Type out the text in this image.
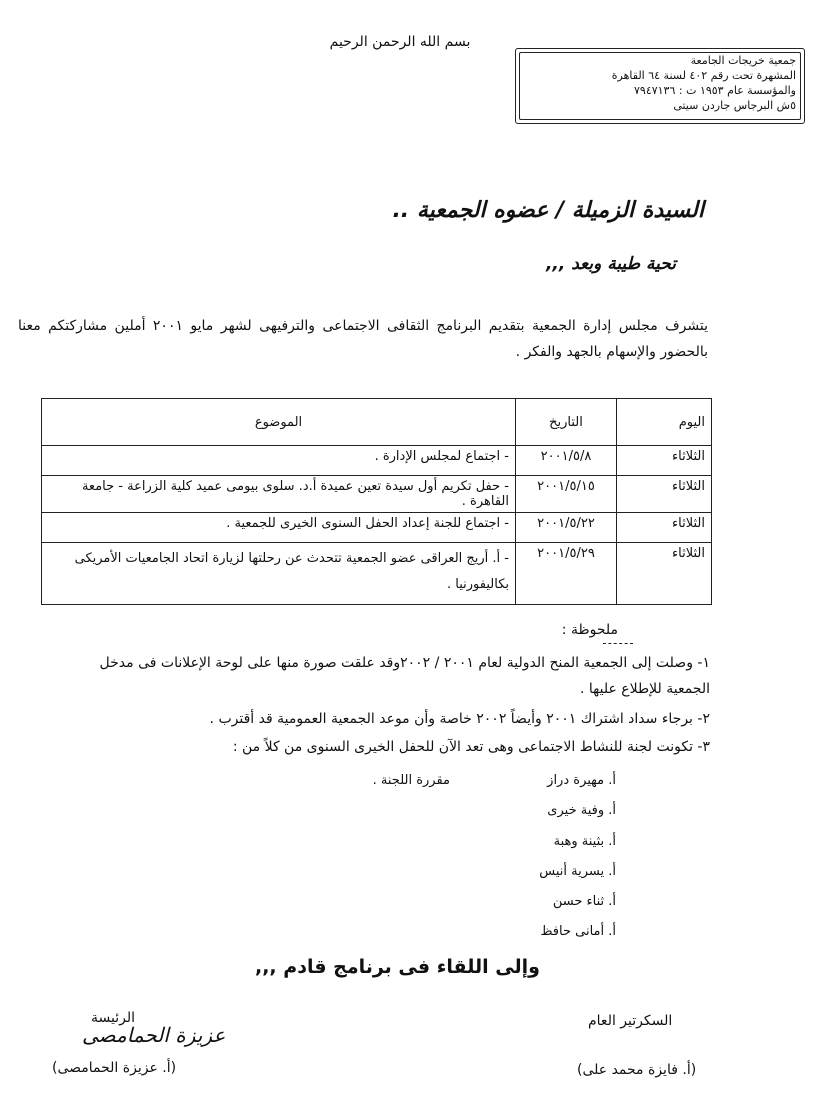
بسم الله الرحمن الرحيم
جمعية خريجات الجامعة
المشهرة تحت رقم ٤٠٢ لسنة ٦٤ القاهرة
والمؤسسة عام ١٩٥٣ ت : ٧٩٤٧١٣٦
٥ش البرجاس جاردن سيتى
السيدة الزميلة / عضوه الجمعية ..
تحية طيبة وبعد ,,,
يتشرف مجلس إدارة الجمعية بتقديم البرنامج الثقافى الاجتماعى والترفيهى لشهر مايو ٢٠٠١ أملين مشاركتكم معنا بالحضور والإسهام بالجهد والفكر .
اليوم	التاريخ	الموضوع
الثلاثاء	٢٠٠١/٥/٨	- اجتماع لمجلس الإدارة .
الثلاثاء	٢٠٠١/٥/١٥	- حفل تكريم أول سيدة تعين عميدة أ.د. سلوى بيومى عميد كلية الزراعة - جامعة القاهرة .
الثلاثاء	٢٠٠١/٥/٢٢	- اجتماع للجنة إعداد الحفل السنوى الخيرى للجمعية .
الثلاثاء	٢٠٠١/٥/٢٩	- أ. أريج العراقى عضو الجمعية تتحدث عن رحلتها لزيارة اتحاد الجامعيات الأمريكى بكاليفورنيا .
ملحوظة :
١- وصلت إلى الجمعية المنح الدولية لعام ٢٠٠١ / ٢٠٠٢وقد علقت صورة منها على لوحة الإعلانات فى مدخل الجمعية للإطلاع عليها .
٢- برجاء سداد اشتراك ٢٠٠١ وأيضاً ٢٠٠٢ خاصة وأن موعد الجمعية العمومية قد أقترب .
٣- تكونت لجنة للنشاط الاجتماعى وهى تعد الآن للحفل الخيرى السنوى من كلاً من :
أ. مهيرة دراز
مقررة اللجنة .
أ. وفية خيرى
أ. بثينة وهبة
أ. يسرية أنيس
أ. ثناء حسن
أ. أمانى حافظ
وإلى اللقاء فى برنامج قادم ,,,
السكرتير العام
(أ. فايزة محمد على)
الرئيسة
عزيزة الحمامصى
(أ. عزيزة الحمامصى)
